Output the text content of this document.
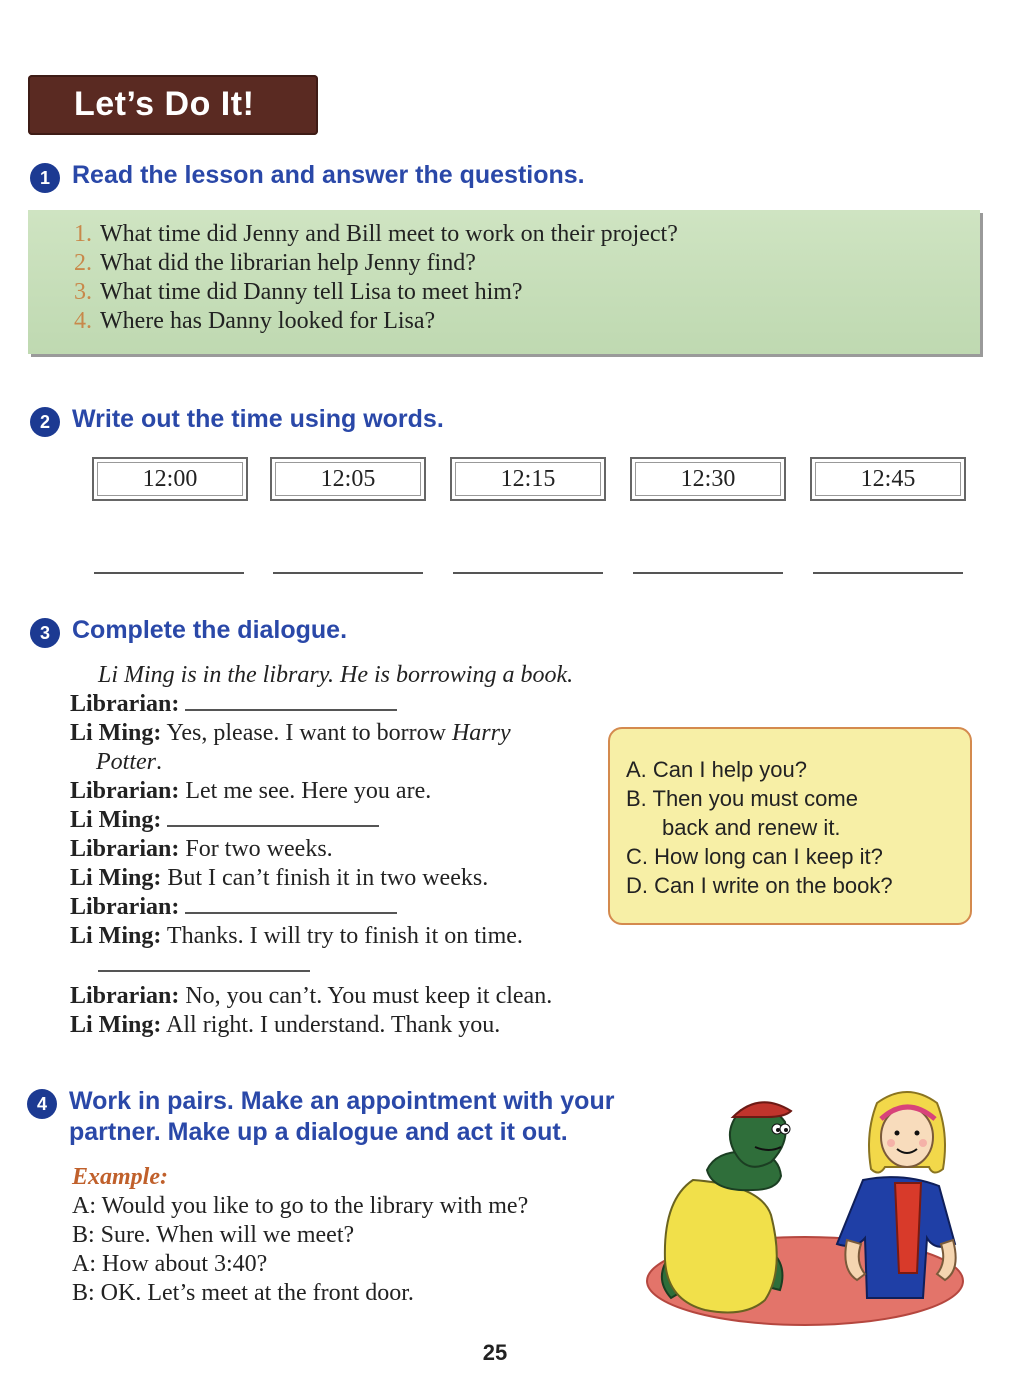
Let’s Do It!
1 Read the lesson and answer the questions.
1. What time did Jenny and Bill meet to work on their project?
2. What did the librarian help Jenny find?
3. What time did Danny tell Lisa to meet him?
4. Where has Danny looked for Lisa?
2 Write out the time using words.
12:00	12:05	12:15	12:30	12:45
3 Complete the dialogue.
Li Ming is in the library. He is borrowing a book.
Librarian:
Li Ming: Yes, please. I want to borrow Harry
Potter.
Librarian: Let me see. Here you are.
Li Ming:
Librarian: For two weeks.
Li Ming: But I can’t finish it in two weeks.
Librarian:
Li Ming: Thanks. I will try to finish it on time.
Librarian: No, you can’t. You must keep it clean.
Li Ming: All right. I understand. Thank you.
A. Can I help you?
B. Then you must come
back and renew it.
C. How long can I keep it?
D. Can I write on the book?
4 Work in pairs. Make an appointment with your
partner. Make up a dialogue and act it out.
Example:
A: Would you like to go to the library with me?
B: Sure. When will we meet?
A: How about 3:40?
B: OK. Let’s meet at the front door.
25
